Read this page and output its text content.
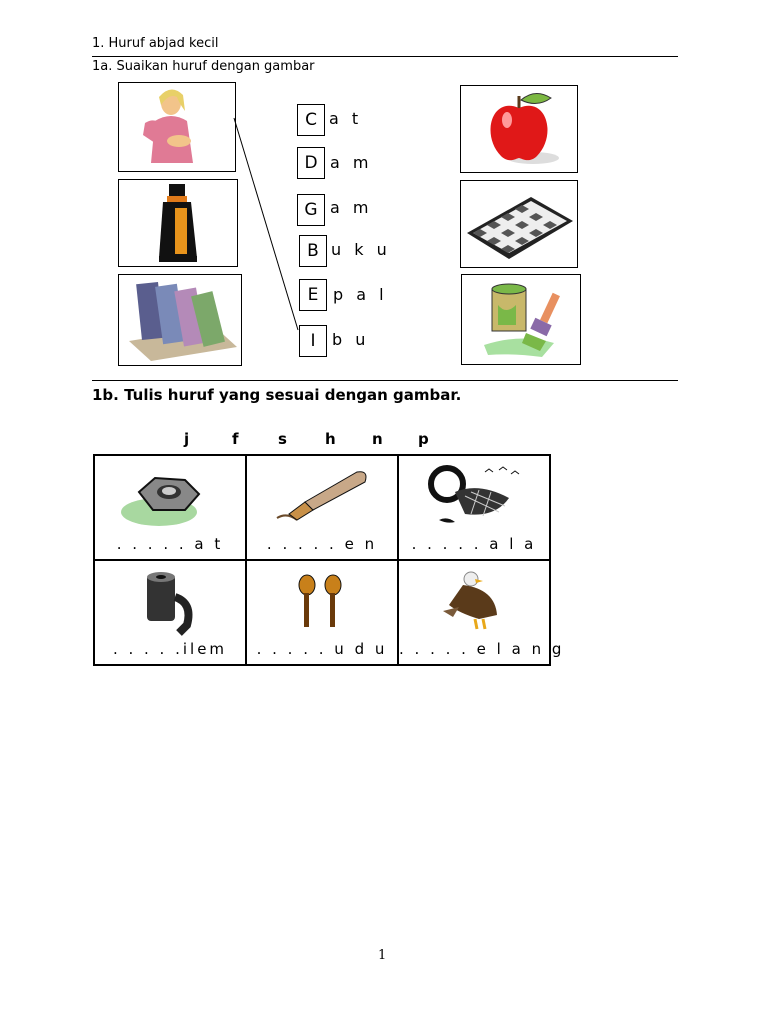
1. Huruf abjad kecil
1a. Suaikan huruf dengan gambar
C a t
D a m
G a m
B u k u
E p a l
I	b u
1b. Tulis huruf yang sesuai dengan gambar.
j	f	s	h n p
. . . . . a t	. . . . . e n	. . . . . a l a

. . . . .ilem	. . . . . u d u	. . . . . e l a n g
1
